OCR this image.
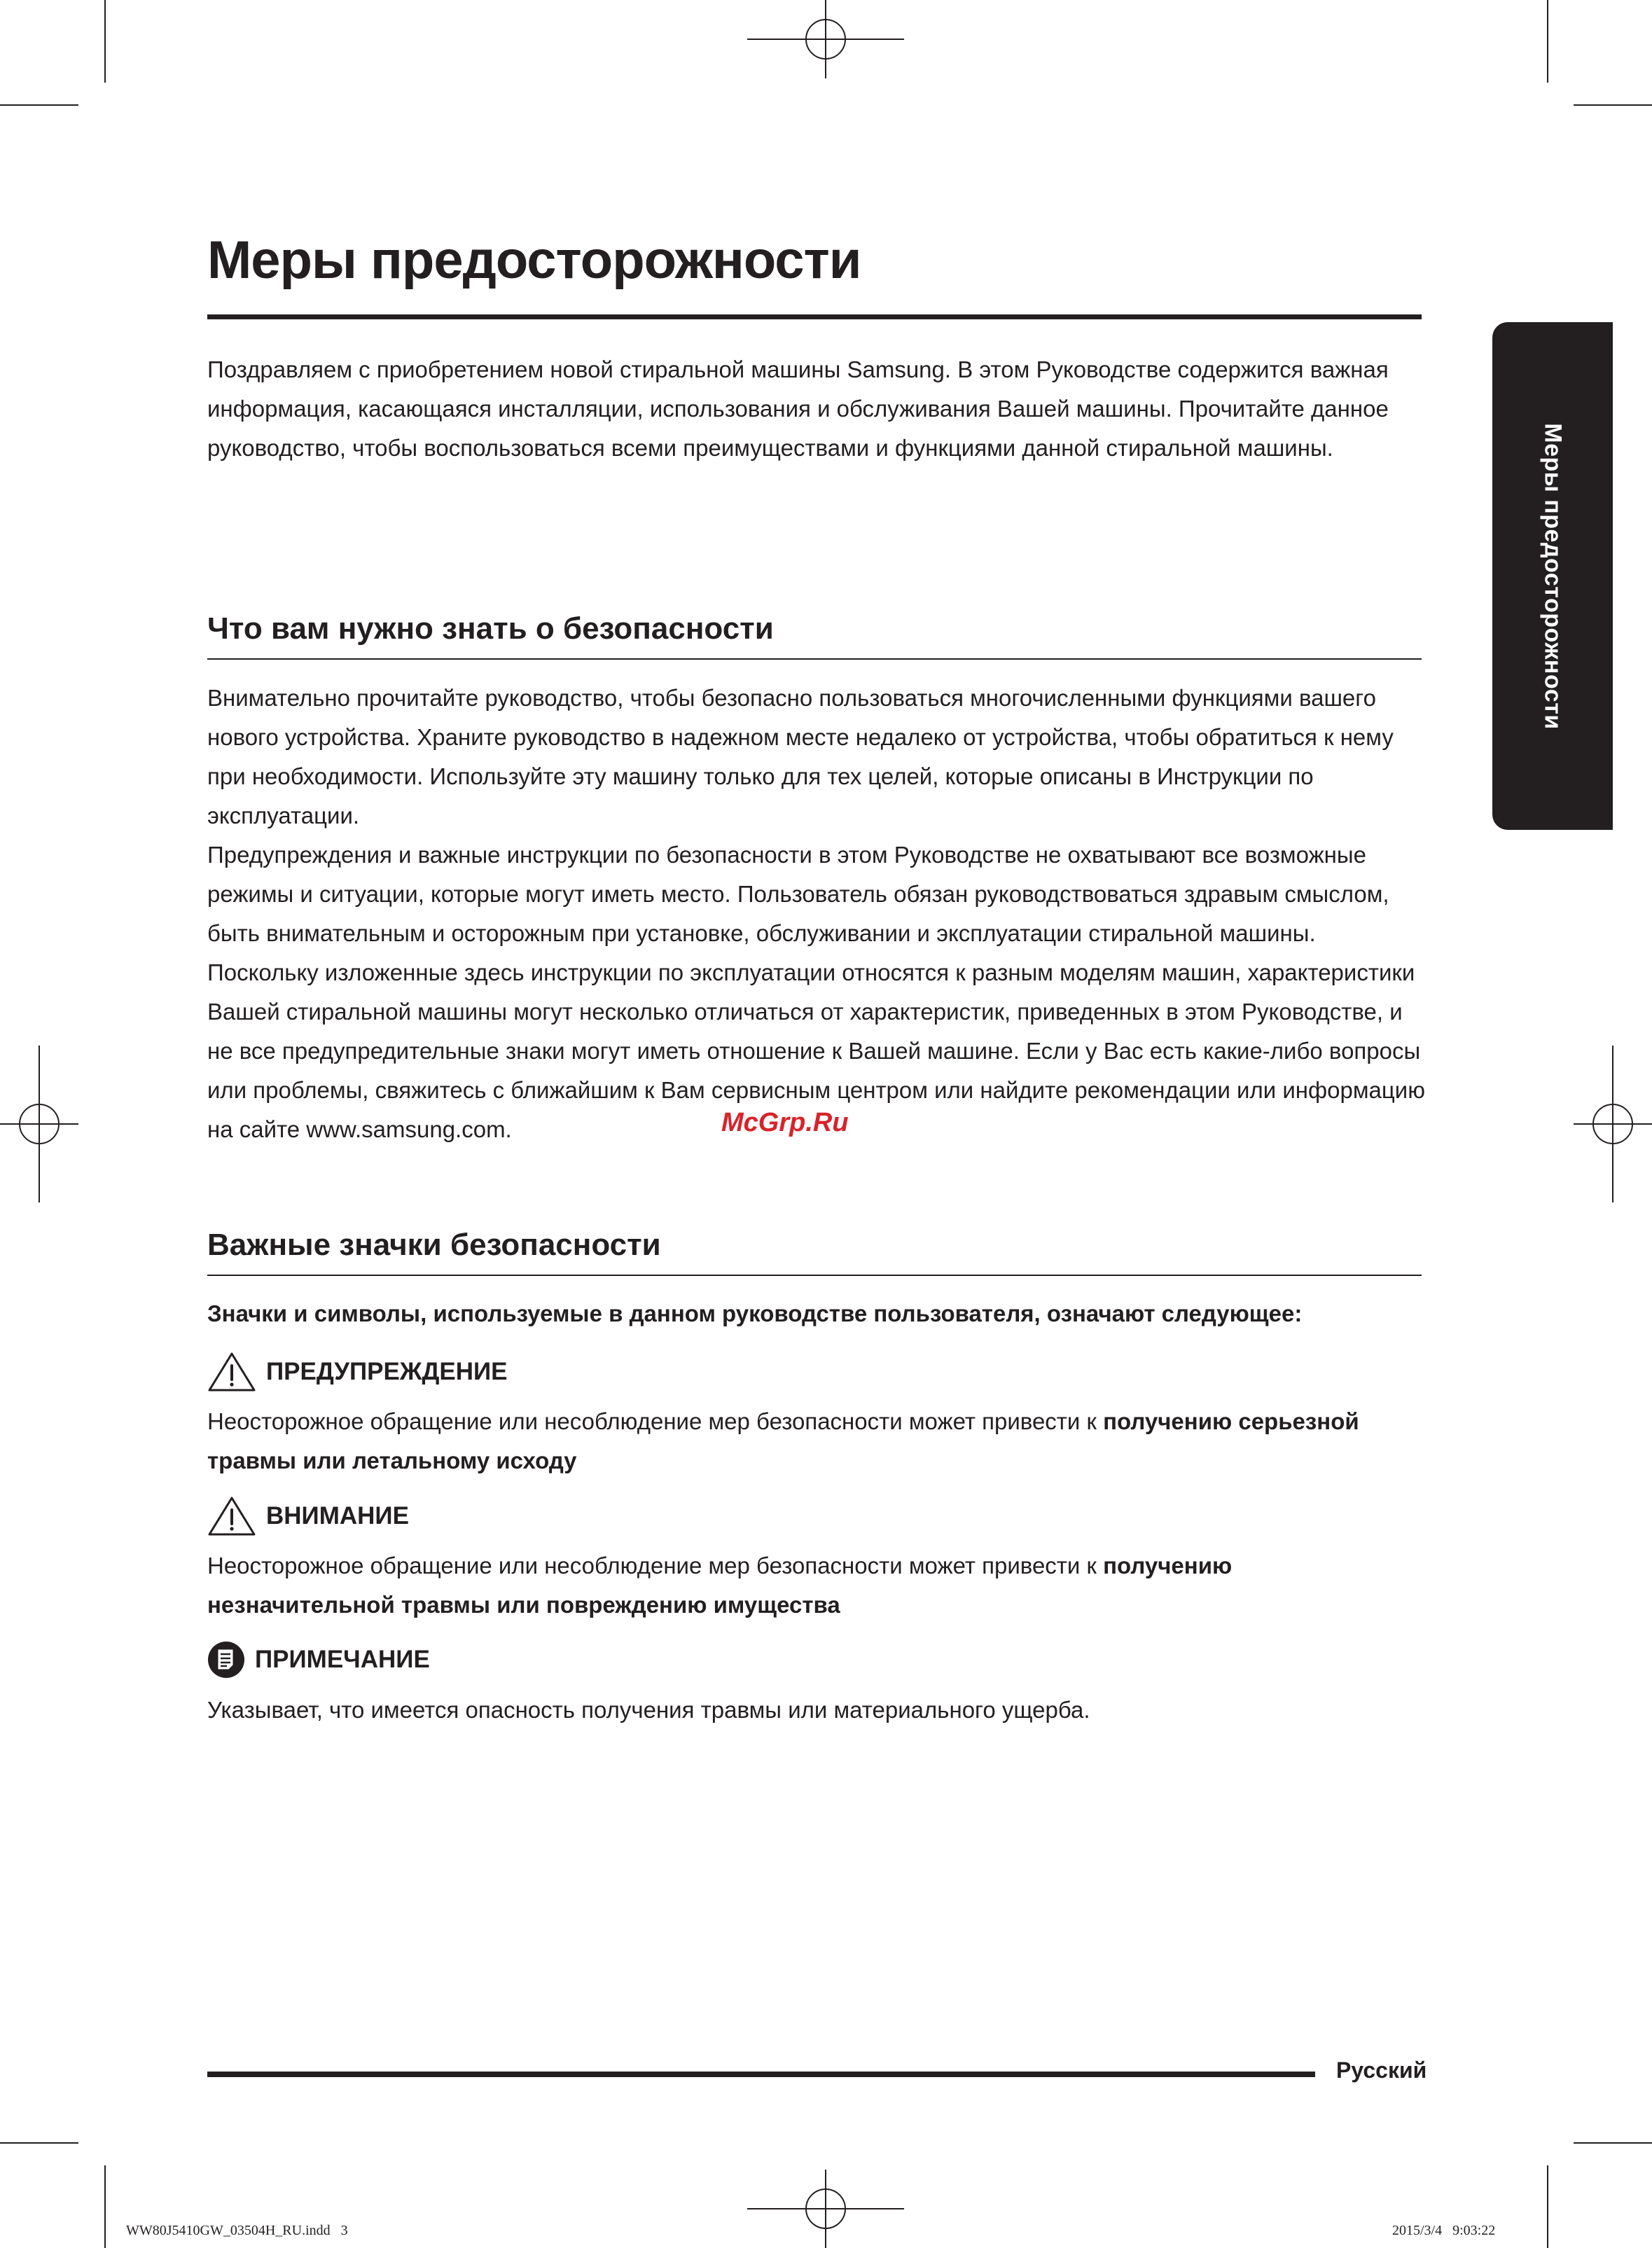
Меры предосторожности

Поздравляем с приобретением новой стиральной машины Samsung. В этом Руководстве содержится важная информация, касающаяся инсталляции, использования и обслуживания Вашей машины. Прочитайте данное руководство, чтобы воспользоваться всеми преимуществами и функциями данной стиральной машины.

Что вам нужно знать о безопасности

Внимательно прочитайте руководство, чтобы безопасно пользоваться многочисленными функциями вашего нового устройства. Храните руководство в надежном месте недалеко от устройства, чтобы обратиться к нему при необходимости. Используйте эту машину только для тех целей, которые описаны в Инструкции по эксплуатации.

Предупреждения и важные инструкции по безопасности в этом Руководстве не охватывают все возможные режимы и ситуации, которые могут иметь место. Пользователь обязан руководствоваться здравым смыслом, быть внимательным и осторожным при установке, обслуживании и эксплуатации стиральной машины.

Поскольку изложенные здесь инструкции по эксплуатации относятся к разным моделям машин, характеристики Вашей стиральной машины могут несколько отличаться от характеристик, приведенных в этом Руководстве, и не все предупредительные знаки могут иметь отношение к Вашей машине. Если у Вас есть какие-либо вопросы или проблемы, свяжитесь с ближайшим к Вам сервисным центром или найдите рекомендации или информацию на сайте www.samsung.com.	McGrp.Ru
Важные значки безопасности

Значки и символы, используемые в данном руководстве пользователя, означают следующее:

ПРЕДУПРЕЖДЕНИЕ

Неосторожное обращение или несоблюдение мер безопасности может привести к получению серьезной травмы или летальному исходу

ВНИМАНИЕ

Неосторожное обращение или несоблюдение мер безопасности может привести к получению незначительной травмы или повреждению имущества

ПРИМЕЧАНИЕ

Указывает, что имеется опасность получения травмы или материального ущерба.

Меры предосторожности
Русский
WW80J5410GW_03504H_RU.indd   3	2015/3/4   9:03:22
